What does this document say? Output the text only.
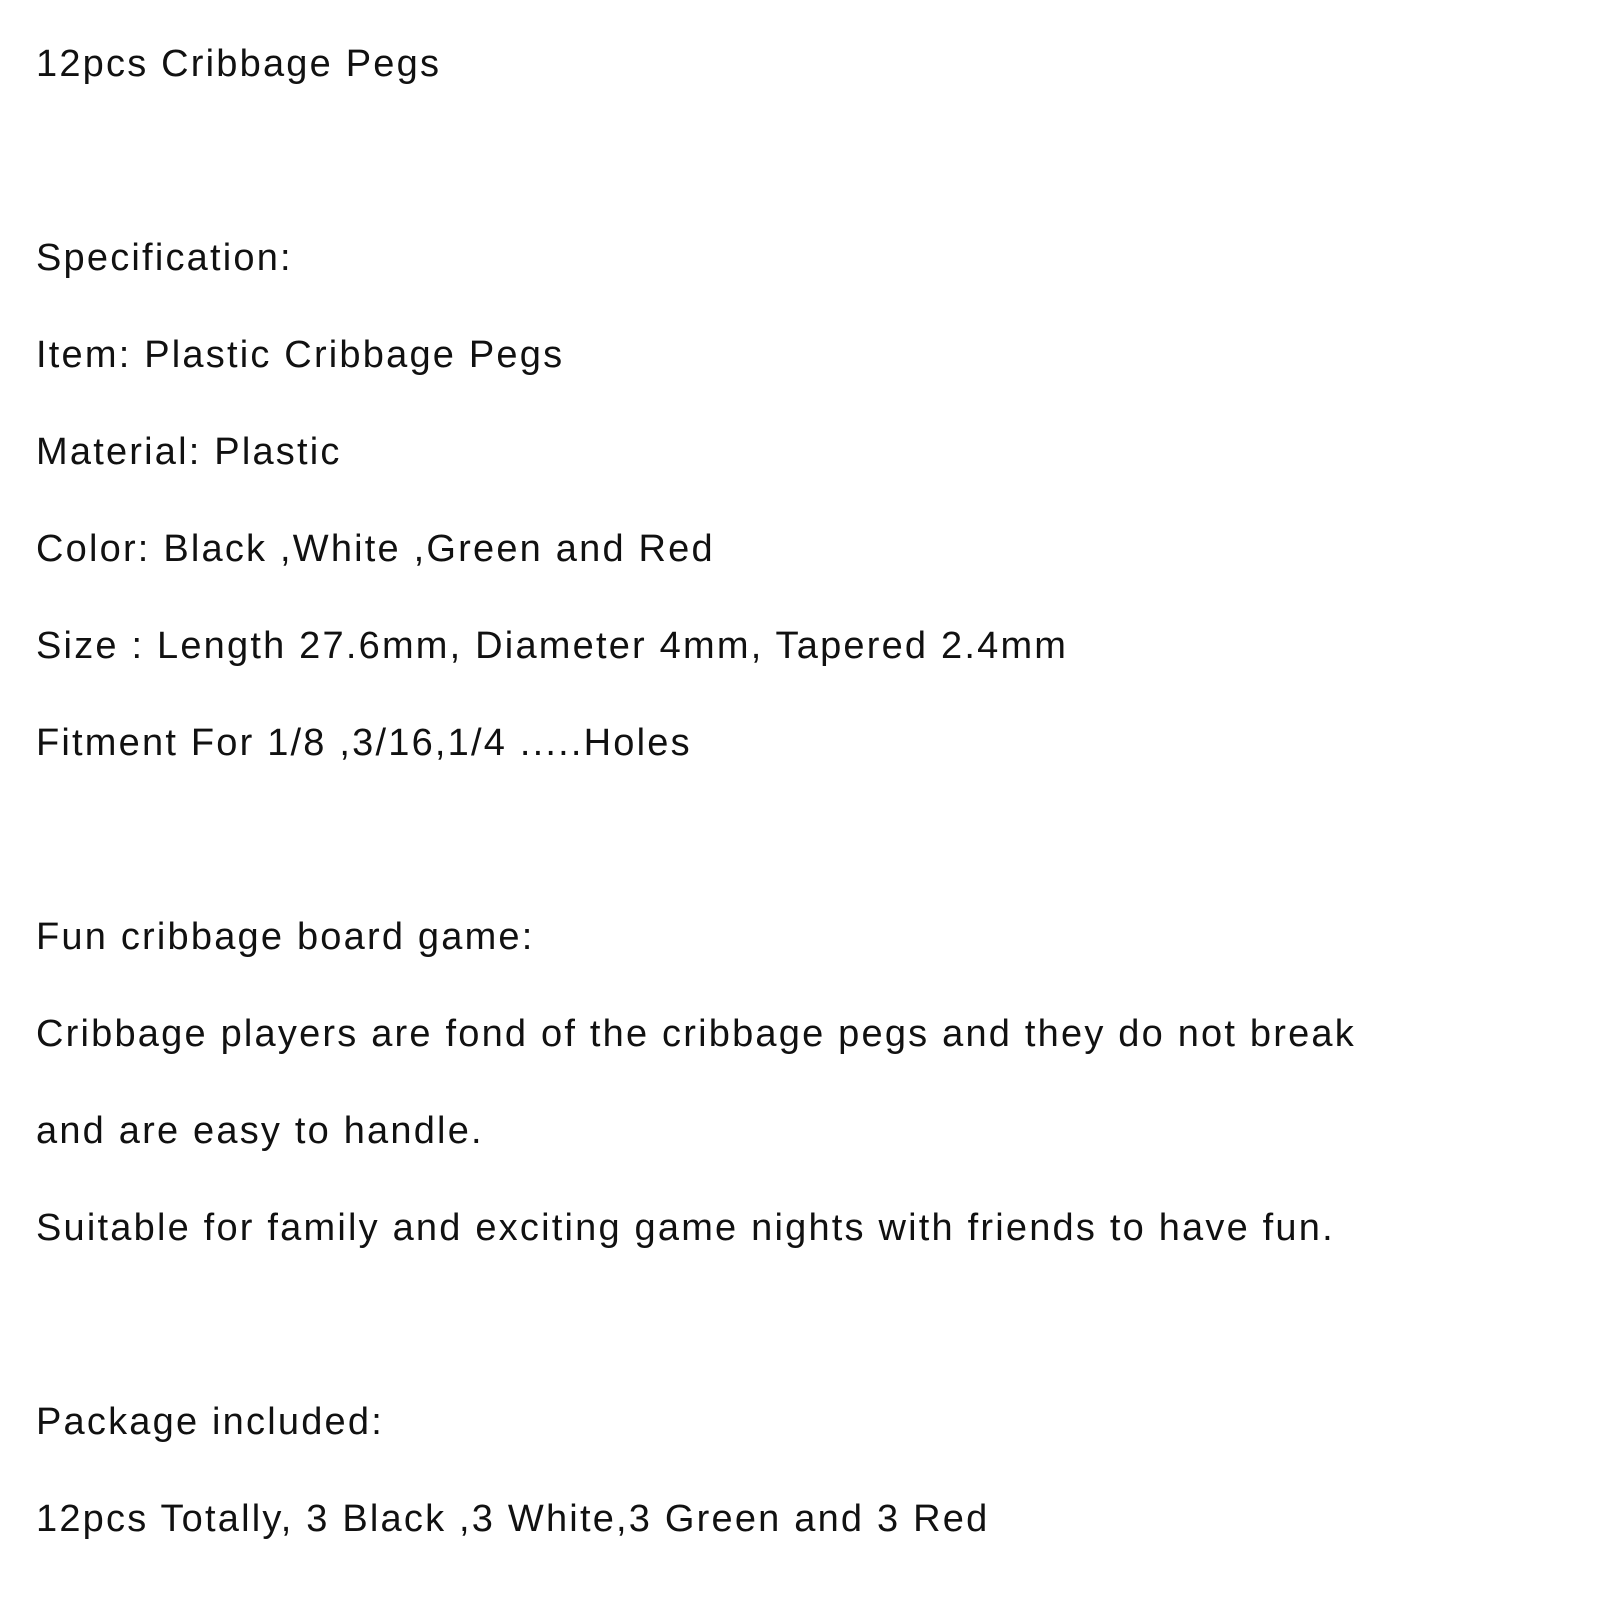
12pcs Cribbage Pegs

Specification:

Item: Plastic Cribbage Pegs

Material: Plastic

Color: Black ,White ,Green and Red

Size : Length 27.6mm, Diameter 4mm, Tapered 2.4mm

Fitment For 1/8 ,3/16,1/4 .....Holes

Fun cribbage board game:

Cribbage players are fond of the cribbage pegs and they do not break

and are easy to handle.

Suitable for family and exciting game nights with friends to have fun.

Package included:

12pcs Totally, 3 Black ,3 White,3 Green and 3 Red
